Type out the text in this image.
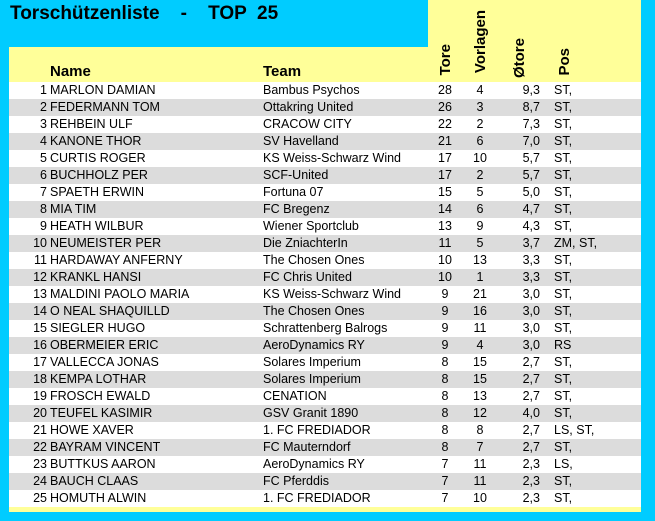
Torschützenliste    -    TOP  25
Name	Team	Tore Vorlagen Øtore Pos
1 MARLON DAMIAN	Bambus Psychos	28	4	9,3 ST,
2 FEDERMANN TOM	Ottakring United	26	3	8,7 ST,
3 REHBEIN ULF	CRACOW CITY	22	2	7,3 ST,
4 KANONE THOR	SV Havelland	21	6	7,0 ST,
5 CURTIS ROGER	KS Weiss-Schwarz Wind	17	10	5,7 ST,
6 BUCHHOLZ PER	SCF-United	17	2	5,7 ST,
7 SPAETH ERWIN	Fortuna 07	15	5	5,0 ST,
8 MIA TIM	FC Bregenz	14	6	4,7 ST,
9 HEATH WILBUR	Wiener Sportclub	13	9	4,3 ST,
10 NEUMEISTER PER	Die ZniachterIn	11	5	3,7 ZM, ST,
11 HARDAWAY ANFERNY	The Chosen Ones	10	13	3,3 ST,
12 KRANKL HANSI	FC Chris United	10	1	3,3 ST,
13 MALDINI PAOLO MARIA	KS Weiss-Schwarz Wind	9	21	3,0 ST,
14 O NEAL SHAQUILLD	The Chosen Ones	9	16	3,0 ST,
15 SIEGLER HUGO	Schrattenberg Balrogs	9	11	3,0 ST,
16 OBERMEIER ERIC	AeroDynamics RY	9	4	3,0 RS
17 VALLECCA JONAS	Solares Imperium	8	15	2,7 ST,
18 KEMPA LOTHAR	Solares Imperium	8	15	2,7 ST,
19 FROSCH EWALD	CENATION	8	13	2,7 ST,
20 TEUFEL KASIMIR	GSV Granit 1890	8	12	4,0 ST,
21 HOWE XAVER	1. FC FREDIADOR	8	8	2,7 LS, ST,
22 BAYRAM VINCENT	FC Mauterndorf	8	7	2,7 ST,
23 BUTTKUS AARON	AeroDynamics RY	7	11	2,3 LS,
24 BAUCH CLAAS	FC Pferddis	7	11	2,3 ST,
25 HOMUTH ALWIN	1. FC FREDIADOR	7	10	2,3 ST,
